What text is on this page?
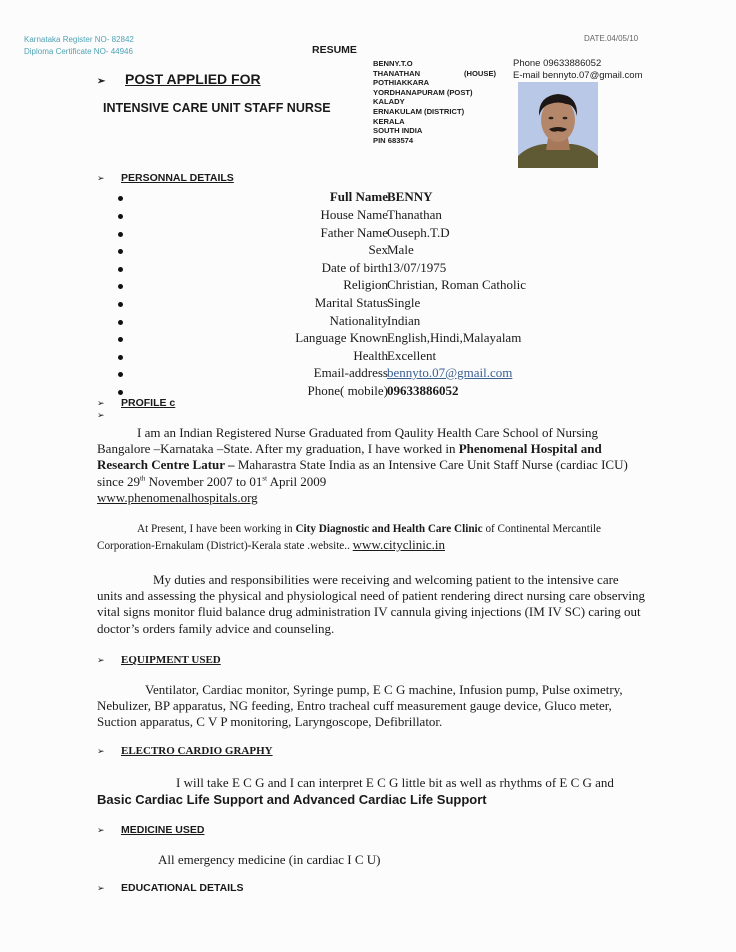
Karnataka Register NO- 82842
Diploma Certificate NO- 44946
DATE.04/05/10
RESUME
➢ POST APPLIED FOR
INTENSIVE CARE UNIT STAFF NURSE
BENNY.T.O
THANATHAN	(HOUSE)
POTHIAKKARA
YORDHANAPURAM (POST)
KALADY
ERNAKULAM (DISTRICT)
KERALA
SOUTH INDIA
PIN 683574
Phone 09633886052
E-mail bennyto.07@gmail.com
➢ PERSONNAL DETAILS
Full Name BENNY
House Name Thanathan
Father Name Ouseph.T.D
Sex Male
Date of birth 13/07/1975
Religion Christian, Roman Catholic
Marital Status Single
Nationality Indian
Language Known English,Hindi,Malayalam
Health Excellent
Email-address bennyto.07@gmail.com
Phone( mobile) 09633886052
➢ PROFILE c
➢
I am an Indian Registered Nurse Graduated from Qaulity Health Care School of Nursing Bangalore –Karnataka –State. After my graduation, I have worked in Phenomenal Hospital and Research Centre Latur – Maharastra State India as an Intensive Care Unit Staff Nurse (cardiac ICU) since 29th November 2007 to 01st April 2009
www.phenomenalhospitals.org
At Present, I have been working in City Diagnostic and Health Care Clinic of Continental Mercantile Corporation-Ernakulam (District)-Kerala state .website.. www.cityclinic.in
My duties and responsibilities were receiving and welcoming patient to the intensive care units and assessing the physical and physiological need of patient rendering direct nursing care observing vital signs monitor fluid balance drug administration IV cannula giving injections (IM IV SC) caring out doctor’s orders family advice and counseling.
➢ EQUIPMENT USED
Ventilator, Cardiac monitor, Syringe pump, E C G machine, Infusion pump, Pulse oximetry, Nebulizer, BP apparatus, NG feeding, Entro tracheal cuff measurement gauge device, Gluco meter, Suction apparatus, C V P monitoring, Laryngoscope, Defibrillator.
➢ ELECTRO CARDIO GRAPHY
I will take E C G and I can interpret E C G little bit as well as rhythms of E C G and
Basic Cardiac Life Support and Advanced Cardiac Life Support
➢ MEDICINE USED
All emergency medicine (in cardiac I C U)
➢ EDUCATIONAL DETAILS
